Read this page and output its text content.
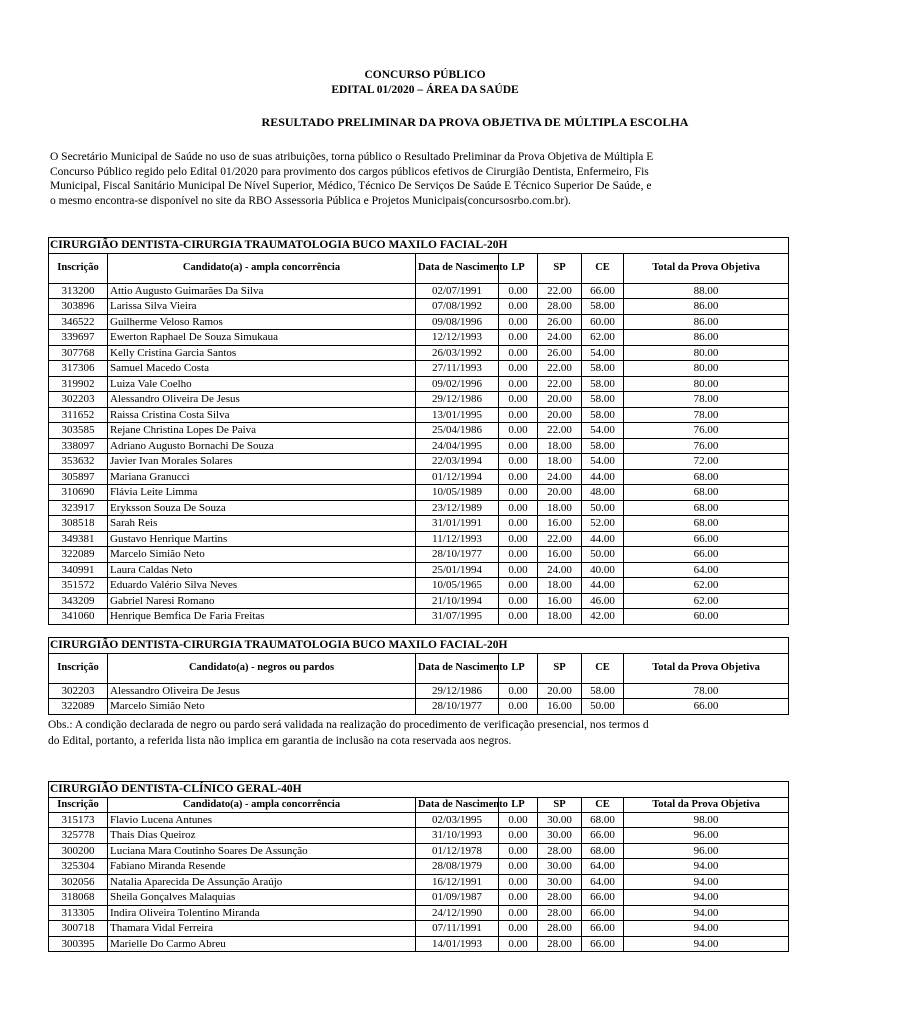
CONCURSO PÚBLICO
EDITAL 01/2020 – ÁREA DA SAÚDE
RESULTADO PRELIMINAR DA PROVA OBJETIVA DE MÚLTIPLA ESCOLHA
O Secretário Municipal de Saúde no uso de suas atribuições, torna público o Resultado Preliminar da Prova Objetiva de Múltipla E
Concurso Público regido pelo Edital 01/2020 para provimento dos cargos públicos efetivos de Cirurgião Dentista, Enfermeiro, Fis
Municipal, Fiscal Sanitário Municipal De Nível Superior, Médico, Técnico De Serviços De Saúde E Técnico Superior De Saúde, e
o mesmo encontra-se disponível no site da RBO Assessoria Pública e Projetos Municipais(concursosrbo.com.br).
CIRURGIÃO DENTISTA-CIRURGIA TRAUMATOLOGIA BUCO MAXILO FACIAL-20H						
Inscrição	Candidato(a) - ampla concorrência	Data de Nascimento	LP	SP	CE	Total da Prova Objetiva
313200	Attio Augusto Guimarães Da Silva	02/07/1991	0.00	22.00	66.00	88.00
303896	Larissa Silva Vieira	07/08/1992	0.00	28.00	58.00	86.00
346522	Guilherme Veloso Ramos	09/08/1996	0.00	26.00	60.00	86.00
339697	Ewerton Raphael De Souza Simukaua	12/12/1993	0.00	24.00	62.00	86.00
307768	Kelly Cristina Garcia Santos	26/03/1992	0.00	26.00	54.00	80.00
317306	Samuel Macedo Costa	27/11/1993	0.00	22.00	58.00	80.00
319902	Luiza Vale Coelho	09/02/1996	0.00	22.00	58.00	80.00
302203	Alessandro Oliveira De Jesus	29/12/1986	0.00	20.00	58.00	78.00
311652	Raissa Cristina Costa Silva	13/01/1995	0.00	20.00	58.00	78.00
303585	Rejane Christina Lopes De Paiva	25/04/1986	0.00	22.00	54.00	76.00
338097	Adriano Augusto Bornachi De Souza	24/04/1995	0.00	18.00	58.00	76.00
353632	Javier Ivan Morales Solares	22/03/1994	0.00	18.00	54.00	72.00
305897	Mariana Granucci	01/12/1994	0.00	24.00	44.00	68.00
310690	Flávia Leite Limma	10/05/1989	0.00	20.00	48.00	68.00
323917	Eryksson Souza De Souza	23/12/1989	0.00	18.00	50.00	68.00
308518	Sarah Reis	31/01/1991	0.00	16.00	52.00	68.00
349381	Gustavo Henrique Martins	11/12/1993	0.00	22.00	44.00	66.00
322089	Marcelo Simião Neto	28/10/1977	0.00	16.00	50.00	66.00
340991	Laura Caldas Neto	25/01/1994	0.00	24.00	40.00	64.00
351572	Eduardo Valério Silva Neves	10/05/1965	0.00	18.00	44.00	62.00
343209	Gabriel Naresi Romano	21/10/1994	0.00	16.00	46.00	62.00
341060	Henrique Bemfica De Faria Freitas	31/07/1995	0.00	18.00	42.00	60.00
CIRURGIÃO DENTISTA-CIRURGIA TRAUMATOLOGIA BUCO MAXILO FACIAL-20H						
Inscrição	Candidato(a) - negros ou pardos	Data de Nascimento	LP	SP	CE	Total da Prova Objetiva
302203	Alessandro Oliveira De Jesus	29/12/1986	0.00	20.00	58.00	78.00
322089	Marcelo Simião Neto	28/10/1977	0.00	16.00	50.00	66.00
Obs.: A condição declarada de negro ou pardo será validada na realização do procedimento de verificação presencial, nos termos d
do Edital, portanto, a referida lista não implica em garantia de inclusão na cota reservada aos negros.
CIRURGIÃO DENTISTA-CLÍNICO GERAL-40H						
Inscrição	Candidato(a) - ampla concorrência	Data de Nascimento	LP	SP	CE	Total da Prova Objetiva
315173	Flavio Lucena Antunes	02/03/1995	0.00	30.00	68.00	98.00
325778	Thais Dias Queiroz	31/10/1993	0.00	30.00	66.00	96.00
300200	Luciana Mara Coutinho Soares De Assunção	01/12/1978	0.00	28.00	68.00	96.00
325304	Fabiano Miranda Resende	28/08/1979	0.00	30.00	64.00	94.00
302056	Natalia Aparecida De Assunção Araújo	16/12/1991	0.00	30.00	64.00	94.00
318068	Sheila Gonçalves Malaquias	01/09/1987	0.00	28.00	66.00	94.00
313305	Indira Oliveira Tolentino Miranda	24/12/1990	0.00	28.00	66.00	94.00
300718	Thamara Vidal Ferreira	07/11/1991	0.00	28.00	66.00	94.00
300395	Marielle Do Carmo Abreu	14/01/1993	0.00	28.00	66.00	94.00
